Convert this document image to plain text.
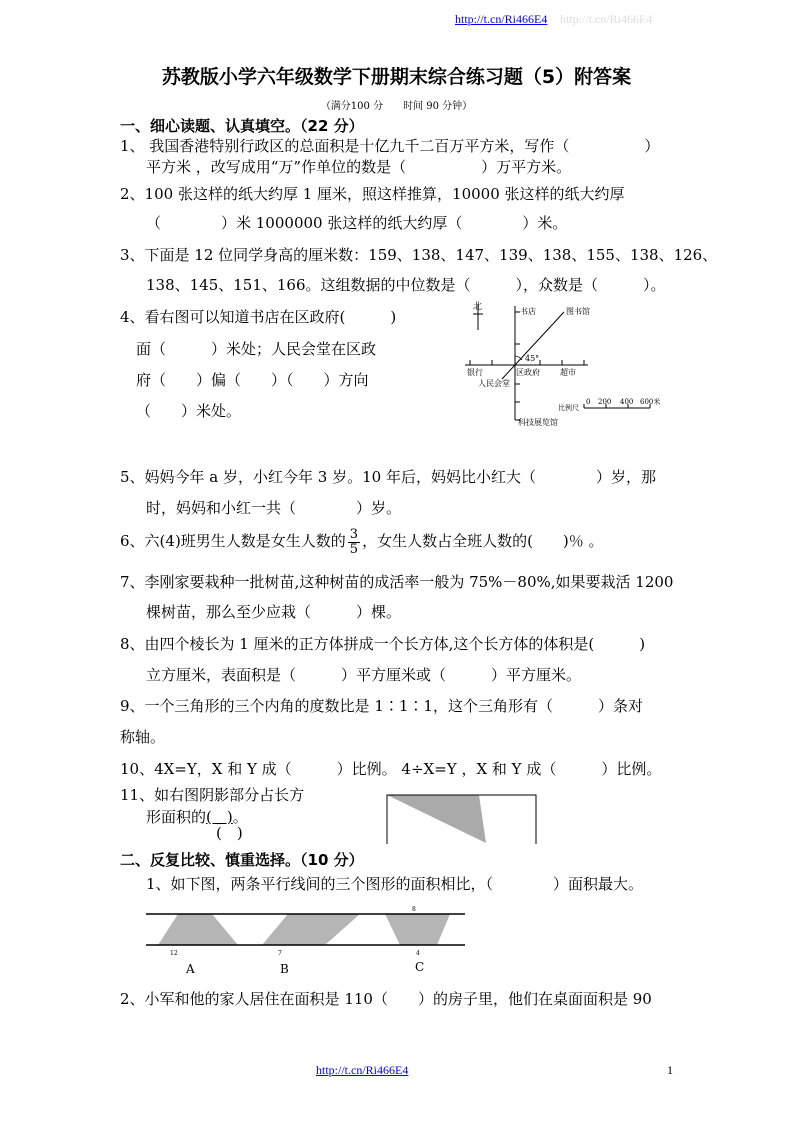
http://t.cn/Ri466E4 http://t.cn/Ri466E4
苏教版小学六年级数学下册期末综合练习题（5）附答案
（满分100 分　　时间 90 分钟）
一、细心读题、认真填空。（22 分）
1、 我国香港特别行政区的总面积是十亿九千二百万平方米，写作（　　　　　）
平方米 ，改写成用“万”作单位的数是（　　　　　）万平方米。
2、100 张这样的纸大约厚 1 厘米，照这样推算，10000 张这样的纸大约厚
（　　　　）米 1000000 张这样的纸大约厚（　　　　）米。
3、下面是 12 位同学身高的厘米数：159、138、147、139、138、155、138、126、
138、145、151、166。这组数据的中位数是（　　　），众数是（　　　）。
4、看右图可以知道书店在区政府(　　　)
面（　　　）米处；人民会堂在区政
府（　　）偏（　　）（　　）方向
（　　）米处。
北
45°
书店	图书馆
银行	区政府	超市
人民会堂
科技展览馆
比例尺
0 200 400 600米
5、妈妈今年 a 岁，小红今年 3 岁。10 年后，妈妈比小红大（　　　　）岁，那
时，妈妈和小红一共（　　　　）岁。
6、六(4)班男生人数是女生人数的 $\frac{3}{5}$ ，女生人数占全班人数的(　　)％ 。
7、李刚家要栽种一批树苗,这种树苗的成活率一般为 75%－80%,如果要栽活 1200
棵树苗，那么至少应栽（　　　）棵。
8、由四个棱长为 1 厘米的正方体拼成一个长方体,这个长方体的体积是(　　　)
立方厘米，表面积是（　　　）平方厘米或（　　　）平方厘米。
9、一个三角形的三个内角的度数比是 1∶1∶1，这个三角形有（　　　）条对
称轴。
10、4X=Y，X 和 Y 成（　　　）比例。 4÷X=Y ，X 和 Y 成（　　　）比例。
11、如右图阴影部分占长方
形面积的(　)。
(　)
二、反复比较、慎重选择。（10 分）
1、如下图，两条平行线间的三个图形的面积相比，（　　　　）面积最大。
8
12	7	4
A	B	C
2、小军和他的家人居住在面积是 110（　　）的房子里，他们在桌面面积是 90
http://t.cn/Ri466E4	1
